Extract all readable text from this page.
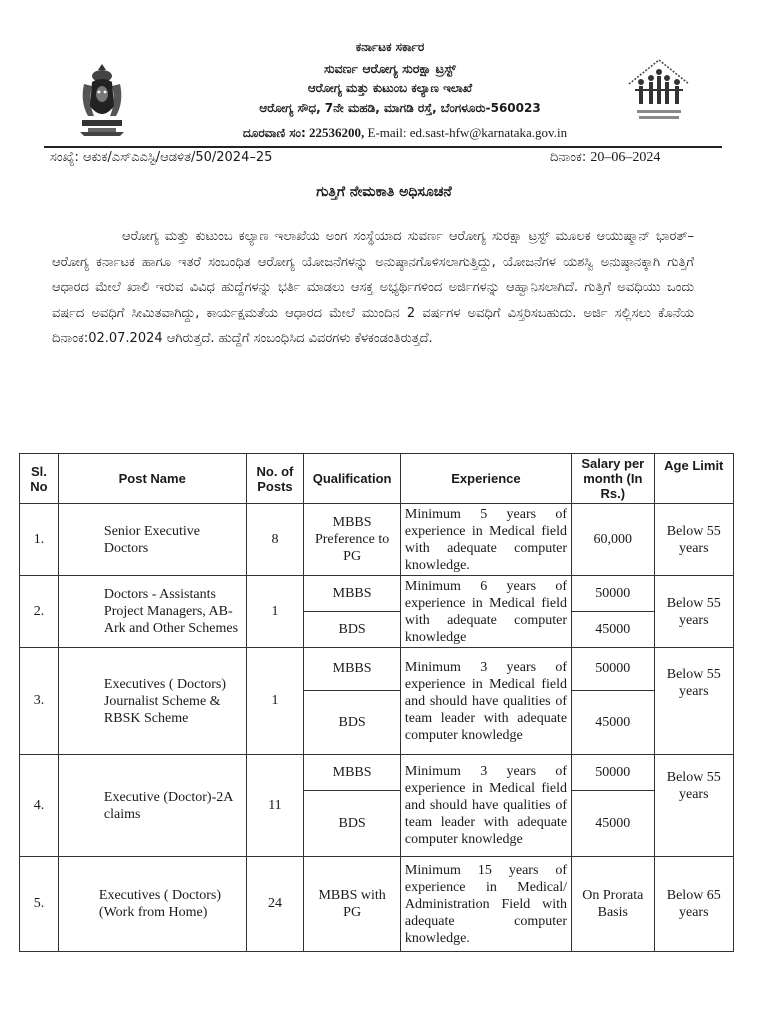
ಕರ್ನಾಟಕ ಸರ್ಕಾರ
ಸುವರ್ಣ ಆರೋಗ್ಯ ಸುರಕ್ಷಾ ಟ್ರಸ್ಟ್
ಆರೋಗ್ಯ ಮತ್ತು ಕುಟುಂಬ ಕಲ್ಯಾಣ ಇಲಾಖೆ
ಆರೋಗ್ಯ ಸೌಧ, 7ನೇ ಮಹಡಿ, ಮಾಗಡಿ ರಸ್ತೆ, ಬೆಂಗಳೂರು-560023
ದೂರವಾಣಿ ಸಂ: 22536200, E-mail: ed.sast-hfw@karnataka.gov.in
ಸಂಖ್ಯೆ: ಆಕುಕ/ಎಸ್ಎಎಸ್ಟಿ/ಆಡಳಿತ/50/2024–25	ದಿನಾಂಕ: 20–06–2024
ಗುತ್ತಿಗೆ ನೇಮಕಾತಿ ಅಧಿಸೂಚನೆ
ಆರೋಗ್ಯ ಮತ್ತು ಕುಟುಂಬ ಕಲ್ಯಾಣ ಇಲಾಖೆಯ ಅಂಗ ಸಂಸ್ಥೆಯಾದ ಸುವರ್ಣ ಆರೋಗ್ಯ ಸುರಕ್ಷಾ ಟ್ರಸ್ಟ್ ಮೂಲಕ ಆಯುಷ್ಮಾನ್ ಭಾರತ್–ಆರೋಗ್ಯ ಕರ್ನಾಟಕ ಹಾಗೂ ಇತರೆ ಸಂಬಂಧಿತ ಆರೋಗ್ಯ ಯೋಜನೆಗಳನ್ನು ಅನುಷ್ಠಾನಗೊಳಿಸಲಾಗುತ್ತಿದ್ದು, ಯೋಜನೆಗಳ ಯಶಸ್ವಿ ಅನುಷ್ಠಾನಕ್ಕಾಗಿ ಗುತ್ತಿಗೆ ಆಧಾರದ ಮೇಲೆ ಖಾಲಿ ಇರುವ ವಿವಿಧ ಹುದ್ದೆಗಳನ್ನು ಭರ್ತಿ ಮಾಡಲು ಆಸಕ್ತ ಅಭ್ಯರ್ಥಿಗಳಿಂದ ಅರ್ಜಿಗಳನ್ನು ಆಹ್ವಾನಿಸಲಾಗಿದೆ. ಗುತ್ತಿಗೆ ಅವಧಿಯು ಒಂದು ವರ್ಷದ ಅವಧಿಗೆ ಸೀಮಿತವಾಗಿದ್ದು, ಕಾರ್ಯಕ್ಷಮತೆಯ ಆಧಾರದ ಮೇಲೆ ಮುಂದಿನ 2 ವರ್ಷಗಳ ಅವಧಿಗೆ ವಿಸ್ತರಿಸಬಹುದು. ಅರ್ಜಿ ಸಲ್ಲಿಸಲು ಕೊನೆಯ ದಿನಾಂಕ:02.07.2024 ಆಗಿರುತ್ತದೆ. ಹುದ್ದೆಗೆ ಸಂಬಂಧಿಸಿದ ವಿವರಗಳು ಕೆಳಕಂಡಂತಿರುತ್ತದೆ.
Sl. No	Post Name	No. of Posts	Qualification	Experience	Salary per month (In Rs.)	Age Limit
1.	Senior Executive Doctors	8	MBBS Preference to PG	Minimum 5 years of experience in Medical field with adequate computer knowledge.	60,000	Below 55 years
2.	Doctors - Assistants Project Managers, AB-Ark and Other Schemes	1	MBBS	Minimum 6 years of experience in Medical field with adequate computer knowledge	50000	Below 55 years
			BDS		45000	
3.	Executives ( Doctors) Journalist Scheme & RBSK Scheme	1	MBBS	Minimum 3 years of experience in Medical field and should have qualities of team leader with adequate computer knowledge	50000	Below 55 years
			BDS		45000	
4.	Executive (Doctor)-2A claims	11	MBBS	Minimum 3 years of experience in Medical field and should have qualities of team leader with adequate computer knowledge	50000	Below 55 years
			BDS		45000	
5.	Executives ( Doctors) (Work from Home)	24	MBBS with PG	Minimum 15 years of experience in Medical/ Administration Field with adequate computer knowledge.	On Prorata Basis	Below 65 years
